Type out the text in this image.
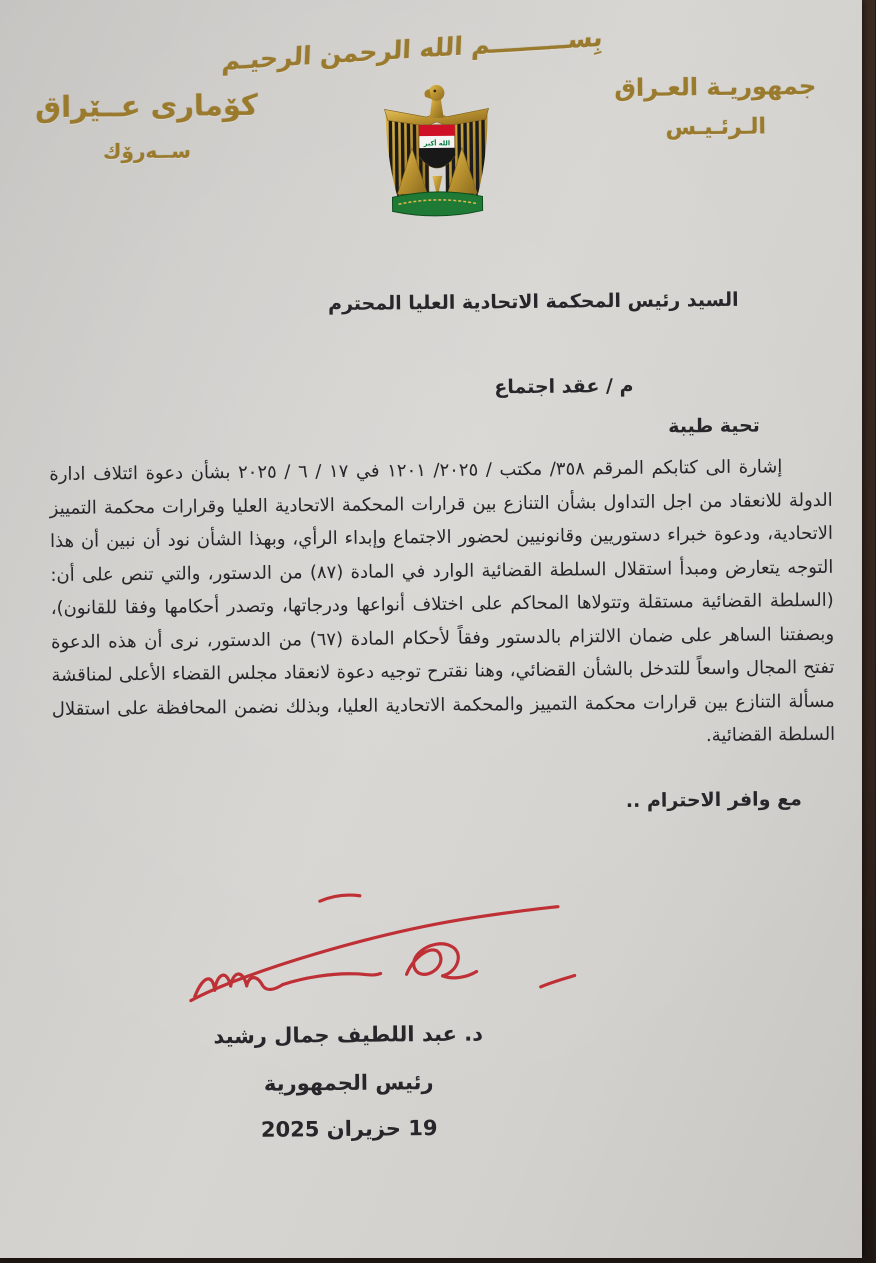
بِســـــــــم الله الرحمن الرحيـم
كۆمارى عــێراق
ســەرۆك
جمهوريـة العـراق
الـرئـيـس
الله أكبر
السيد رئيس المحكمة الاتحادية العليا المحترم
م / عقد اجتماع
تحية طيبة
إشارة الى كتابكم المرقم ٣٥٨/ مكتب / ٢٠٢٥/ ١٢٠١ في ١٧ / ٦ / ٢٠٢٥ بشأن دعوة ائتلاف ادارة الدولة للانعقاد من اجل التداول بشأن التنازع بين قرارات المحكمة الاتحادية العليا وقرارات محكمة التمييز الاتحادية، ودعوة خبراء دستوريين وقانونيين لحضور الاجتماع وإبداء الرأي، وبهذا الشأن نود أن نبين أن هذا التوجه يتعارض ومبدأ استقلال السلطة القضائية الوارد في المادة (٨٧) من الدستور، والتي تنص على أن: (السلطة القضائية مستقلة وتتولاها المحاكم على اختلاف أنواعها ودرجاتها، وتصدر أحكامها وفقا للقانون)، وبصفتنا الساهر على ضمان الالتزام بالدستور وفقاً لأحكام المادة (٦٧) من الدستور، نرى أن هذه الدعوة تفتح المجال واسعاً للتدخل بالشأن القضائي، وهنا نقترح توجيه دعوة لانعقاد مجلس القضاء الأعلى لمناقشة مسألة التنازع بين قرارات محكمة التمييز والمحكمة الاتحادية العليا، وبذلك نضمن المحافظة على استقلال السلطة القضائية.
مع وافر الاحترام ..
د. عبد اللطيف جمال رشيد
رئيس الجمهورية
19 حزيران 2025
